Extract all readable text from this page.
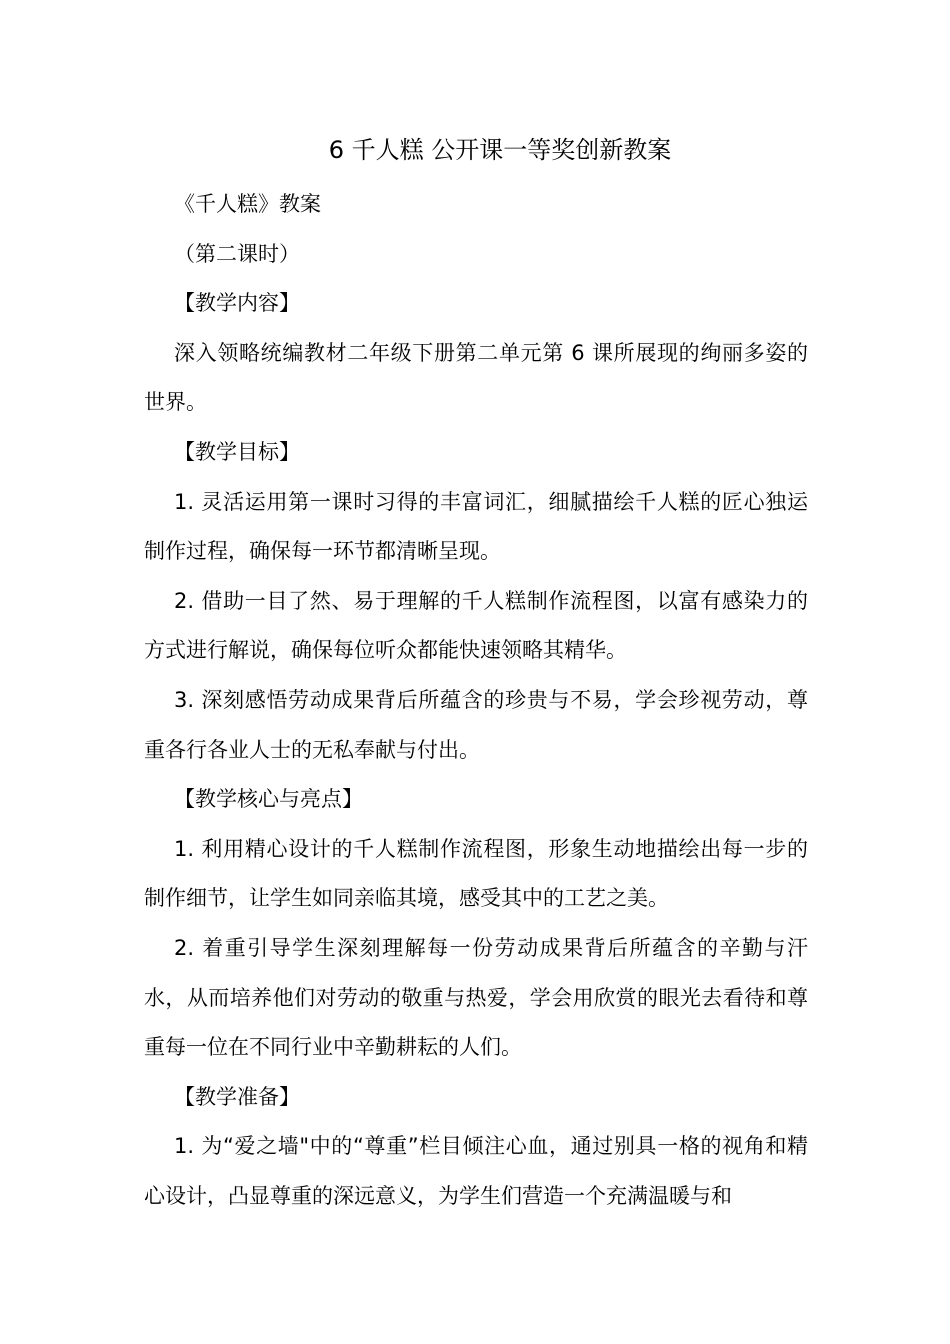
6 千人糕 公开课一等奖创新教案

《千人糕》教案

（第二课时）

【教学内容】

深入领略统编教材二年级下册第二单元第 6 课所展现的绚丽多姿的世界。

【教学目标】

1. 灵活运用第一课时习得的丰富词汇，细腻描绘千人糕的匠心独运制作过程，确保每一环节都清晰呈现。

2. 借助一目了然、易于理解的千人糕制作流程图，以富有感染力的方式进行解说，确保每位听众都能快速领略其精华。

3. 深刻感悟劳动成果背后所蕴含的珍贵与不易，学会珍视劳动，尊重各行各业人士的无私奉献与付出。

【教学核心与亮点】

1. 利用精心设计的千人糕制作流程图，形象生动地描绘出每一步的制作细节，让学生如同亲临其境，感受其中的工艺之美。

2. 着重引导学生深刻理解每一份劳动成果背后所蕴含的辛勤与汗水，从而培养他们对劳动的敬重与热爱，学会用欣赏的眼光去看待和尊重每一位在不同行业中辛勤耕耘的人们。

【教学准备】

1. 为“爱之墙"中的“尊重”栏目倾注心血，通过别具一格的视角和精心设计，凸显尊重的深远意义，为学生们营造一个充满温暖与和
